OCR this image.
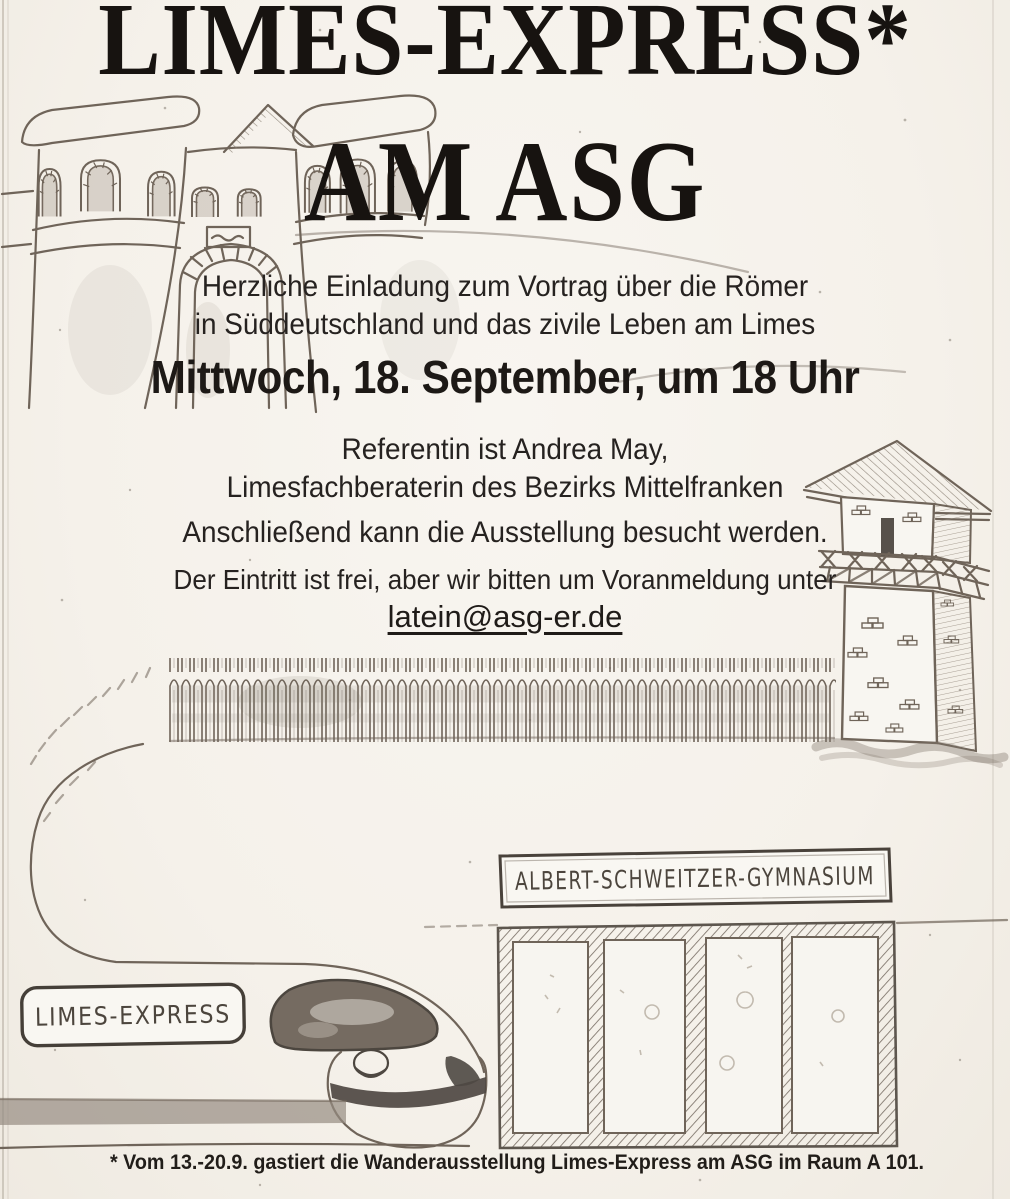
LIMES-EXPRESS
ALBERT-SCHWEITZER-GYMNASIUM
LIMES-EXPRESS*
AM ASG
Herzliche Einladung zum Vortrag über die Römer
in Süddeutschland und das zivile Leben am Limes
Mittwoch, 18. September, um 18 Uhr
Referentin ist Andrea May,
Limesfachberaterin des Bezirks Mittelfranken
Anschließend kann die Ausstellung besucht werden.
Der Eintritt ist frei, aber wir bitten um Voranmeldung unter
latein@asg-er.de
* Vom 13.-20.9. gastiert die Wanderausstellung Limes-Express am ASG im Raum A 101.
